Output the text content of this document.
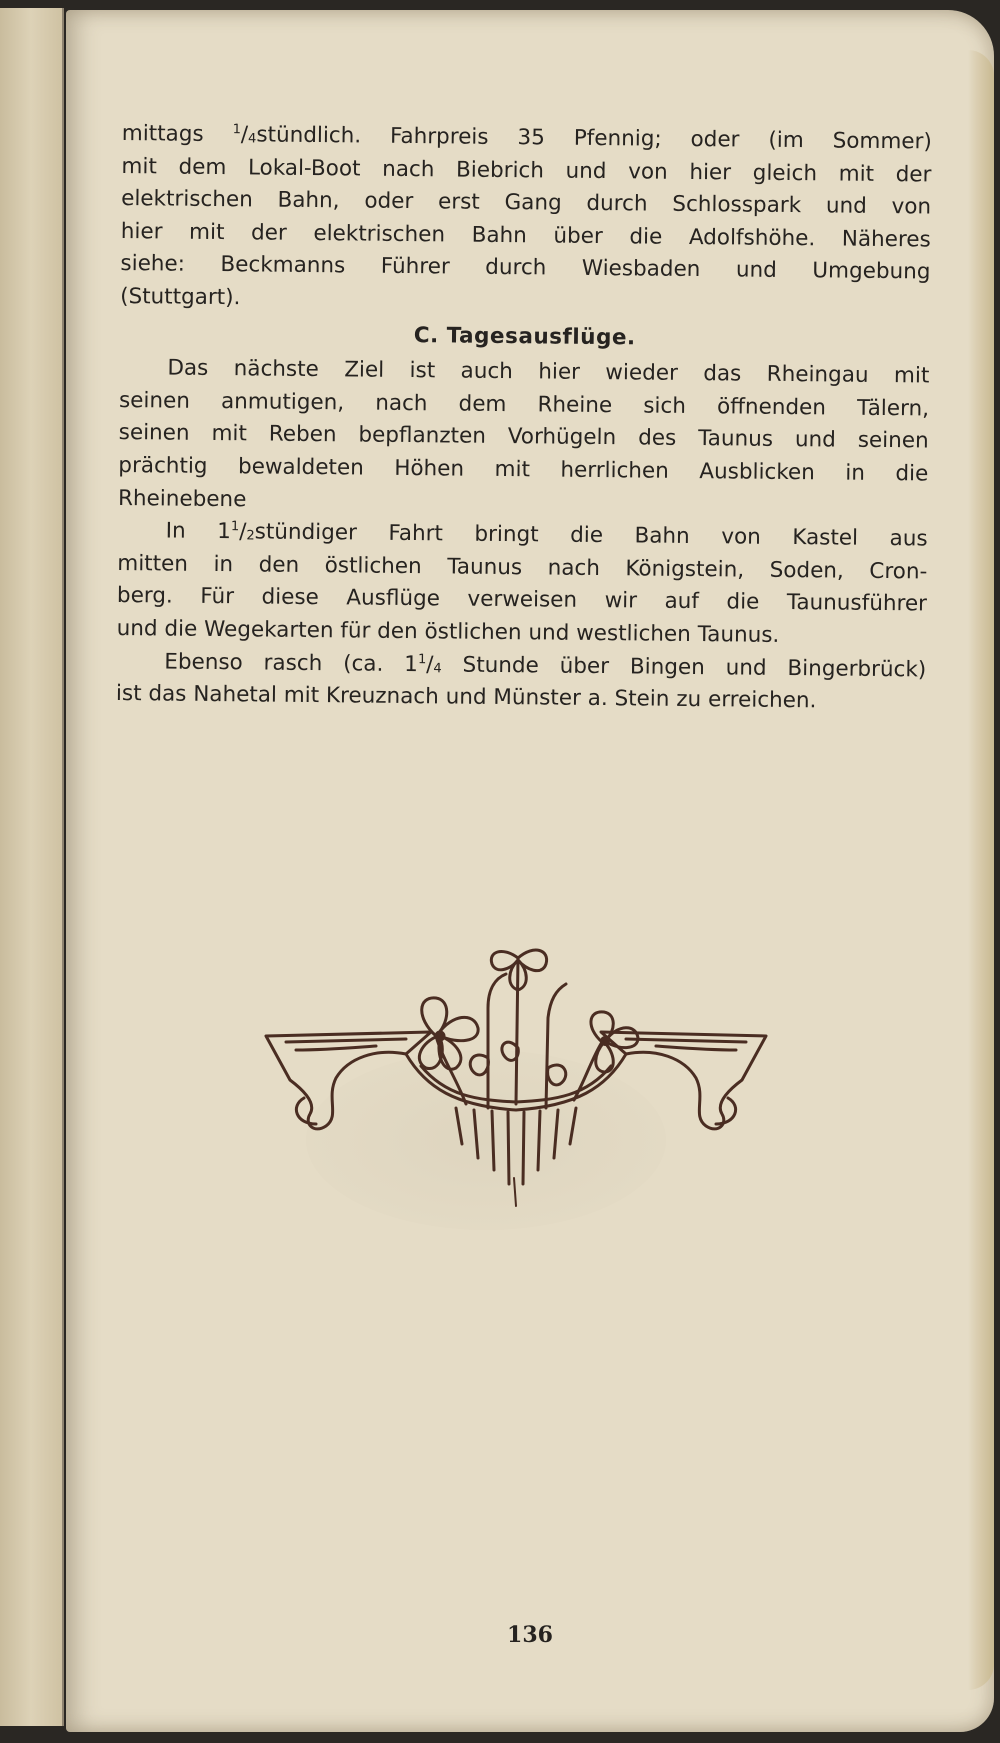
mittags $^1/_4stündlich$. Fahrpreis 35 Pfennig; oder (im Sommer)
mit dem Lokal-Boot nach Biebrich und von hier gleich mit der
elektrischen Bahn, oder erst Gang durch Schlosspark und von
hier mit der elektrischen Bahn über die Adolfshöhe. Näheres
siehe: Beckmanns Führer durch Wiesbaden und Umgebung
(Stuttgart).

C. Tagesausflüge.

Das nächste Ziel ist auch hier wieder das Rheingau mit
seinen anmutigen, nach dem Rheine sich öffnenden Tälern,
seinen mit Reben bepflanzten Vorhügeln des Taunus und seinen
prächtig bewaldeten Höhen mit herrlichen Ausblicken in die
Rheinebene

In $1^1/_2stündiger$ Fahrt bringt die Bahn von Kastel aus
mitten in den östlichen Taunus nach Königstein, Soden, Cron-
berg. Für diese Ausflüge verweisen wir auf die Taunusführer
und die Wegekarten für den östlichen und westlichen Taunus.

Ebenso rasch (ca. $1^1/_4$ Stunde über Bingen und Bingerbrück)
ist das Nahetal mit Kreuznach und Münster a. Stein zu erreichen.

136
